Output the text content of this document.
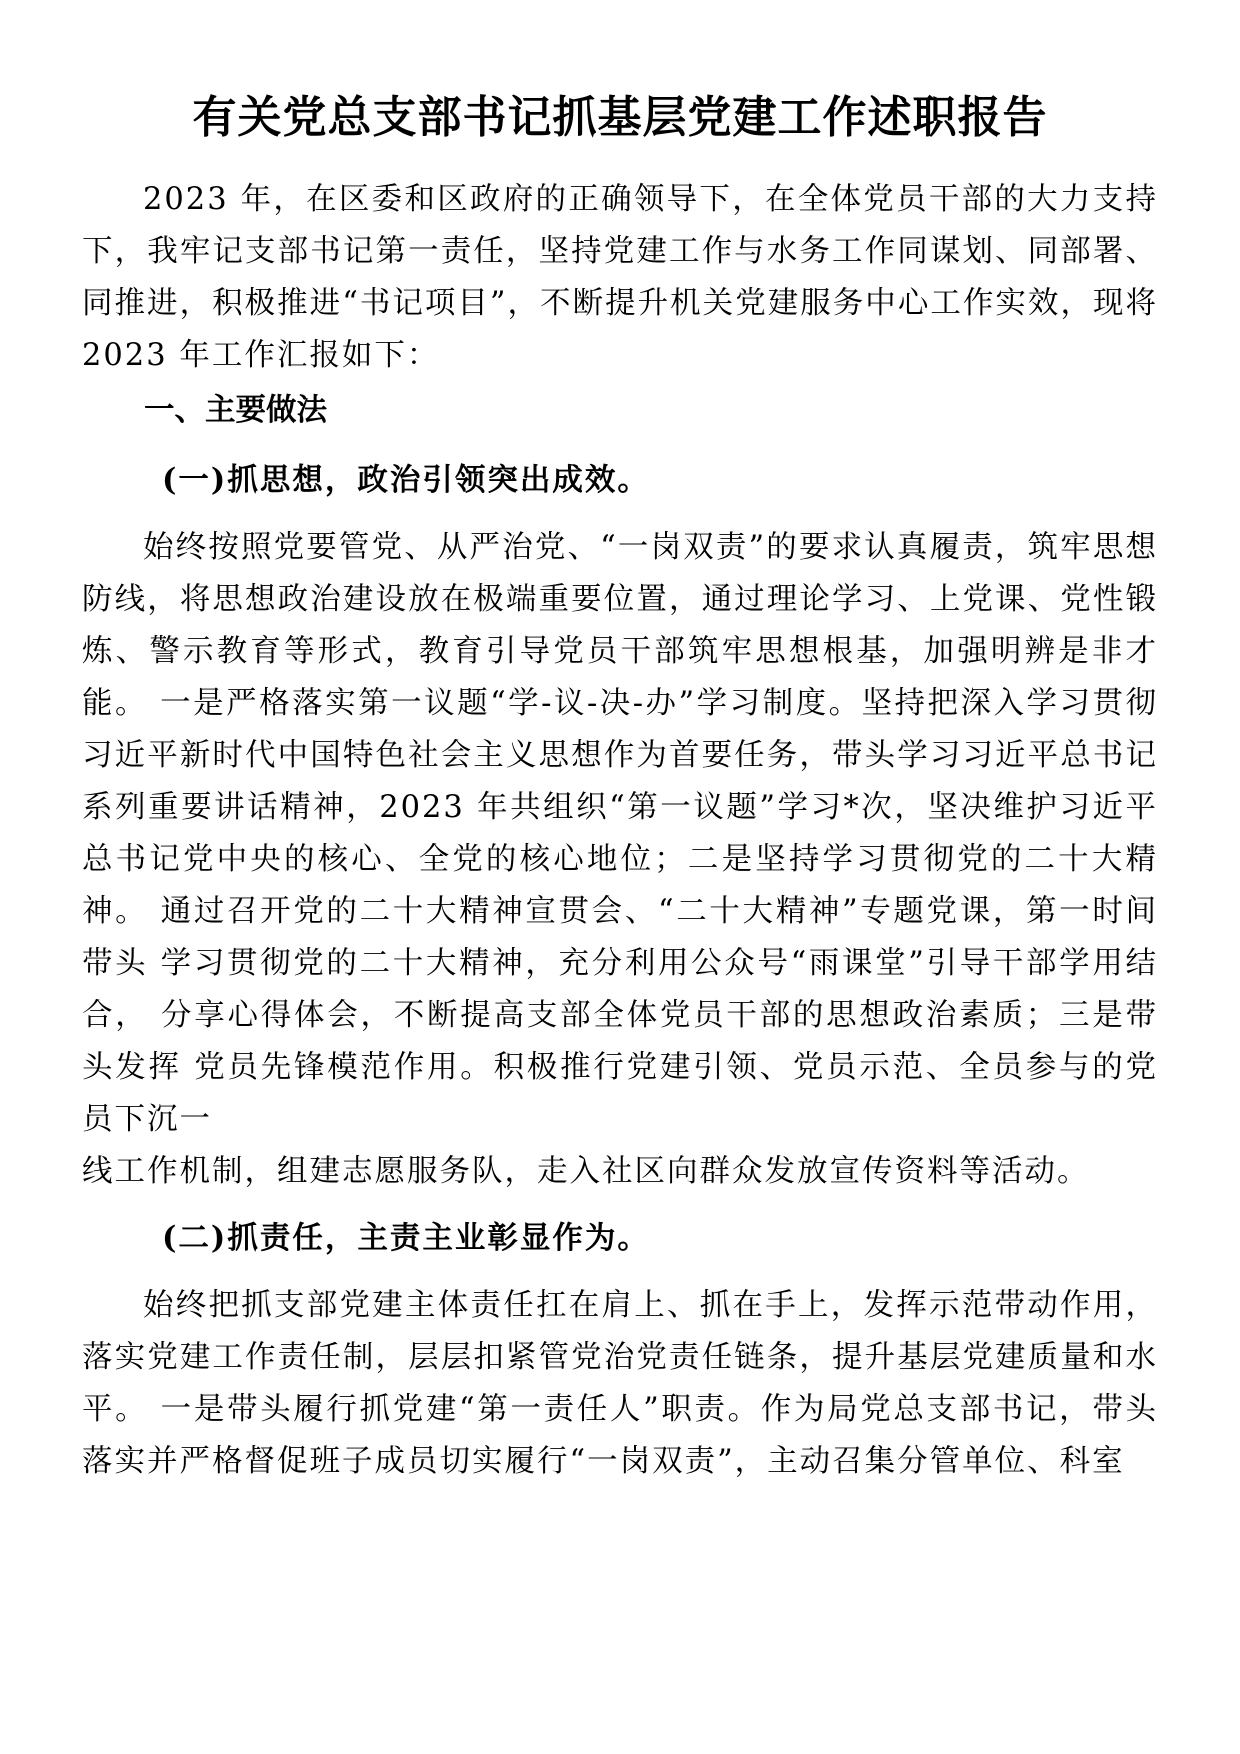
有关党总支部书记抓基层党建工作述职报告

2023 年，在区委和区政府的正确领导下，在全体党员干部的大力支持下，我牢记支部书记第一责任，坚持党建工作与水务工作同谋划、同部署、同推进，积极推进“书记项目”，不断提升机关党建服务中心工作实效，现将2023 年工作汇报如下：

一、主要做法
(一)抓思想，政治引领突出成效。

始终按照党要管党、从严治党、“一岗双责”的要求认真履责，筑牢思想防线，将思想政治建设放在极端重要位置，通过理论学习、上党课、党性锻炼、警示教育等形式，教育引导党员干部筑牢思想根基，加强明辨是非才能。 一是严格落实第一议题“学-议-决-办”学习制度。坚持把深入学习贯彻习近平新时代中国特色社会主义思想作为首要任务，带头学习习近平总书记系列重要讲话精神，2023 年共组织“第一议题”学习*次，坚决维护习近平总书记党中央的核心、全党的核心地位；二是坚持学习贯彻党的二十大精神。 通过召开党的二十大精神宣贯会、“二十大精神”专题党课，第一时间带头 学习贯彻党的二十大精神，充分利用公众号“雨课堂”引导干部学用结合， 分享心得体会，不断提高支部全体党员干部的思想政治素质；三是带头发挥 党员先锋模范作用。积极推行党建引领、党员示范、全员参与的党员下沉一

线工作机制，组建志愿服务队，走入社区向群众发放宣传资料等活动。

(二)抓责任，主责主业彰显作为。

始终把抓支部党建主体责任扛在肩上、抓在手上，发挥示范带动作用，落实党建工作责任制，层层扣紧管党治党责任链条，提升基层党建质量和水平。 一是带头履行抓党建“第一责任人”职责。作为局党总支部书记，带头落实并严格督促班子成员切实履行“一岗双责”，主动召集分管单位、科室
